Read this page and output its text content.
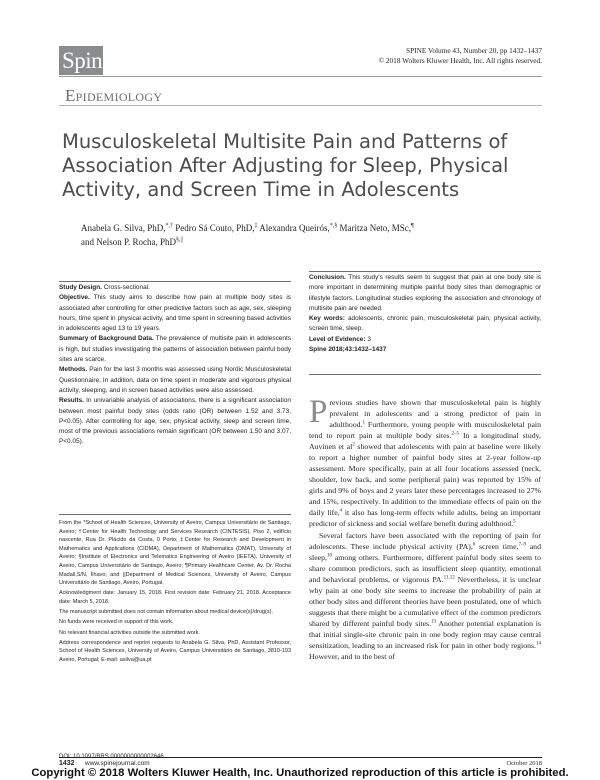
Spine	SPINE Volume 43, Number 20, pp 1432–1437
© 2018 Wolters Kluwer Health, Inc. All rights reserved.
Epidemiology
Musculoskeletal Multisite Pain and Patterns of Association After Adjusting for Sleep, Physical Activity, and Screen Time in Adolescents
Anabela G. Silva, PhD,*,† Pedro Sá Couto, PhD,‡ Alexandra Queirós,*,§ Maritza Neto, MSc,¶
and Nelson P. Rocha, PhD§,||

Study Design. Cross-sectional.

Objective. This study aims to describe how pain at multiple body sites is associated after controlling for other predictive factors such as age, sex, sleeping hours, time spent in physical activity, and time spent in screening based activities in adolescents aged 13 to 19 years.

Summary of Background Data. The prevalence of multisite pain in adolescents is high, but studies investigating the patterns of association between painful body sites are scarce.

Methods. Pain for the last 3 months was assessed using Nordic Musculoskeletal Questionnaire. In addition, data on time spent in moderate and vigorous physical activity, sleeping, and in screen based activities were also assessed.

Results. In univariable analysis of associations, there is a significant association between most painful body sites (odds ratio (OR) between 1.52 and 3.73, P<0.05). After controlling for age, sex, physical activity, sleep and screen time, most of the previous associations remain significant (OR between 1.50 and 3.07, P<0.05).

Conclusion. This study's results seem to suggest that pain at one body site is more important in determining multiple painful body sites than demographic or lifestyle factors. Longitudinal studies exploring the association and chronology of multisite pain are needed.

Key words: adolescents, chronic pain, musculoskeletal pain, physical activity, screen time, sleep.

Level of Evidence: 3

Spine 2018;43:1432–1437

From the *School of Health Sciences, University of Aveiro, Campus Universitário de Santiago, Aveiro; †Center for Health Technology and Services Research (CINTESIS), Piso 2, edifício nascente, Rua Dr. Plácido da Costa, 0 Porto; ‡Center for Research and Development in Mathematics and Applications (CIDMA), Department of Mathematics (DMAT), University of Aveiro; §Institute of Electronics and Telematics Engineering of Aveiro (IEETA), University of Aveiro, Campus Universitário de Santiago, Aveiro; ¶Primary Healthcare Center, Av. Dr. Rocha Madail,S/N, Ílhavo; and ||Department of Medical Sciences, University of Aveiro, Campus Universitário de Santiago, Aveiro, Portugal.

Acknowledgment date: January 15, 2018. First revision date: February 21, 2018. Acceptance date: March 5, 2018.

The manuscript submitted does not contain information about medical device(s)/drug(s).

No funds were received in support of this work.

No relevant financial activities outside the submitted work.

Address correspondence and reprint requests to Anabela G. Silva, PhD, Assistant Professor, School of Health Sciences, University of Aveiro, Campus Universitário de Santiago, 3810-193 Aveiro, Portugal; E-mail: asilva@ua.pt

DOI: 10.1097/BRS.0000000000002646

Previous studies have shown that musculoskeletal pain is highly prevalent in adolescents and a strong predictor of pain in adulthood.$^1$ Furthermore, young people with musculoskeletal pain tend to report pain at multiple body sites.$^{2-5}$ In a longitudinal study, Auvinen et $al^2$ showed that adolescents with pain at baseline were likely to report a higher number of painful body sites at 2-year follow-up assessment. More specifically, pain at all four locations assessed (neck, shoulder, low back, and some peripheral pain) was reported by 15% of girls and 9% of boys and 2 years later these percentages increased to 27% and 15%, respectively. In addition to the immediate effects of pain on the daily life,$^4$ it also has long-term effects while adults, being an important predictor of sickness and social welfare benefit during adulthood.$^5$

Several factors have been associated with the reporting of pain for adolescents. These include physical activity (PA),$^6$ screen time,$^{7-9}$ and sleep,$^{10}$ among others. Furthermore, different painful body sites seem to share common predictors, such as insufficient sleep quantity, emotional and behavioral problems, or vigorous PA.$^{11,12}$ Nevertheless, it is unclear why pain at one body site seems to increase the probability of pain at other body sites and different theories have been postulated, one of which suggests that there might be a cumulative effect of the common predictors shared by different painful body sites.$^{13}$ Another potential explanation is that initial single-site chronic pain in one body region may cause central sensitization, leading to an increased risk for pain in other body regions.$^{14}$ However, and to the best of

1432 www.spinejournal.com	October 2018
Copyright © 2018 Wolters Kluwer Health, Inc. Unauthorized reproduction of this article is prohibited.
